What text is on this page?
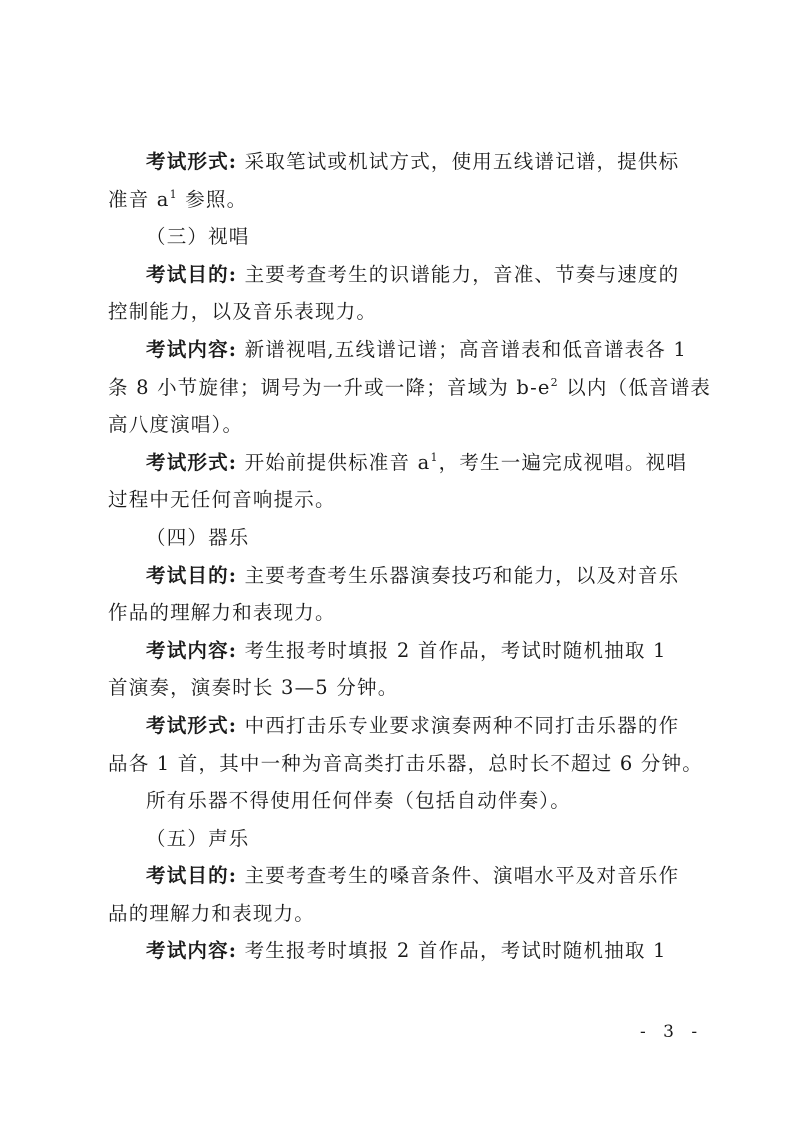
考试形式: 采取笔试或机试方式，使用五线谱记谱，提供标
准音 $a^1$ 参照。
（三）视唱
考试目的: 主要考查考生的识谱能力，音准、节奏与速度的
控制能力，以及音乐表现力。
考试内容: 新谱视唱,五线谱记谱；高音谱表和低音谱表各 1
条 8 小节旋律；调号为一升或一降；音域为 $b-e^2$ 以内（低音谱表
高八度演唱）。
考试形式: 开始前提供标准音 $a^1$，考生一遍完成视唱。视唱
过程中无任何音响提示。
（四）器乐
考试目的: 主要考查考生乐器演奏技巧和能力，以及对音乐
作品的理解力和表现力。
考试内容: 考生报考时填报 2 首作品，考试时随机抽取 1
首演奏，演奏时长 3—5 分钟。
考试形式: 中西打击乐专业要求演奏两种不同打击乐器的作
品各 1 首，其中一种为音高类打击乐器，总时长不超过 6 分钟。
所有乐器不得使用任何伴奏（包括自动伴奏）。
（五）声乐
考试目的: 主要考查考生的嗓音条件、演唱水平及对音乐作
品的理解力和表现力。
考试内容: 考生报考时填报 2 首作品，考试时随机抽取 1
- 3 -
